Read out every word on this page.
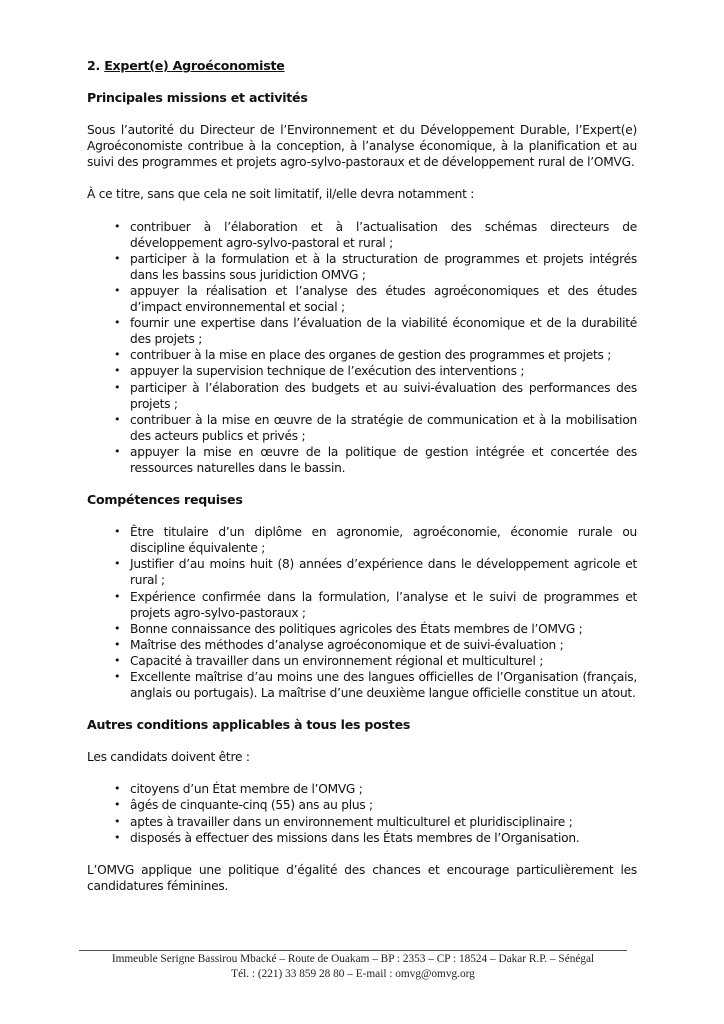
2. Expert(e) Agroéconomiste

Principales missions et activités

Sous l’autorité du Directeur de l’Environnement et du Développement Durable, l’Expert(e) Agroéconomiste contribue à la conception, à l’analyse économique, à la planification et au suivi des programmes et projets agro-sylvo-pastoraux et de développement rural de l’OMVG.

À ce titre, sans que cela ne soit limitatif, il/elle devra notamment :

• contribuer à l’élaboration et à l’actualisation des schémas directeurs de développement agro-sylvo-pastoral et rural ;
• participer à la formulation et à la structuration de programmes et projets intégrés dans les bassins sous juridiction OMVG ;
• appuyer la réalisation et l’analyse des études agroéconomiques et des études d’impact environnemental et social ;
• fournir une expertise dans l’évaluation de la viabilité économique et de la durabilité des projets ;
• contribuer à la mise en place des organes de gestion des programmes et projets ;
• appuyer la supervision technique de l’exécution des interventions ;
• participer à l’élaboration des budgets et au suivi-évaluation des performances des projets ;
• contribuer à la mise en œuvre de la stratégie de communication et à la mobilisation des acteurs publics et privés ;
• appuyer la mise en œuvre de la politique de gestion intégrée et concertée des ressources naturelles dans le bassin.

Compétences requises

• Être titulaire d’un diplôme en agronomie, agroéconomie, économie rurale ou discipline équivalente ;
• Justifier d’au moins huit (8) années d’expérience dans le développement agricole et rural ;
• Expérience confirmée dans la formulation, l’analyse et le suivi de programmes et projets agro-sylvo-pastoraux ;
• Bonne connaissance des politiques agricoles des États membres de l’OMVG ;
• Maîtrise des méthodes d’analyse agroéconomique et de suivi-évaluation ;
• Capacité à travailler dans un environnement régional et multiculturel ;
• Excellente maîtrise d’au moins une des langues officielles de l’Organisation (français, anglais ou portugais). La maîtrise d’une deuxième langue officielle constitue un atout.

Autres conditions applicables à tous les postes

Les candidats doivent être :

• citoyens d’un État membre de l’OMVG ;
• âgés de cinquante-cinq (55) ans au plus ;
• aptes à travailler dans un environnement multiculturel et pluridisciplinaire ;
• disposés à effectuer des missions dans les États membres de l’Organisation.

L’OMVG applique une politique d’égalité des chances et encourage particulièrement les candidatures féminines.

Immeuble Serigne Bassirou Mbacké – Route de Ouakam – BP : 2353 – CP : 18524 – Dakar R.P. – Sénégal
Tél. : (221) 33 859 28 80 – E-mail : omvg@omvg.org
